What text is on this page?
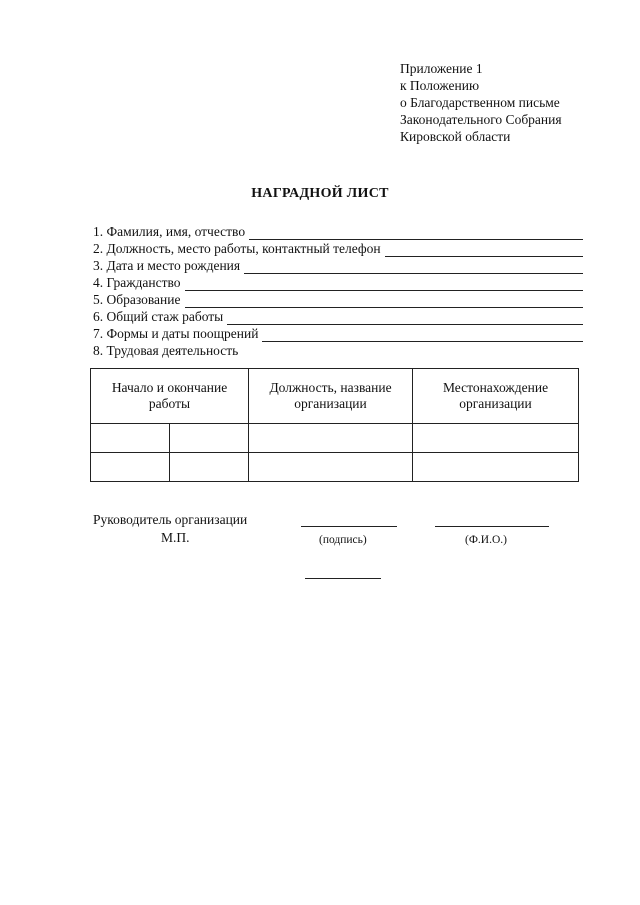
Приложение 1
к Положению
о Благодарственном письме
Законодательного Собрания
Кировской области
НАГРАДНОЙ ЛИСТ
1. Фамилия, имя, отчество
2. Должность, место работы, контактный телефон
3. Дата и место рождения
4. Гражданство
5. Образование
6. Общий стаж работы
7. Формы и даты поощрений
8. Трудовая деятельность
Начало и окончание работы		Должность, название организации	Местонахождение организации

Руководитель организации
М.П.	(подпись)	(Ф.И.О.)
